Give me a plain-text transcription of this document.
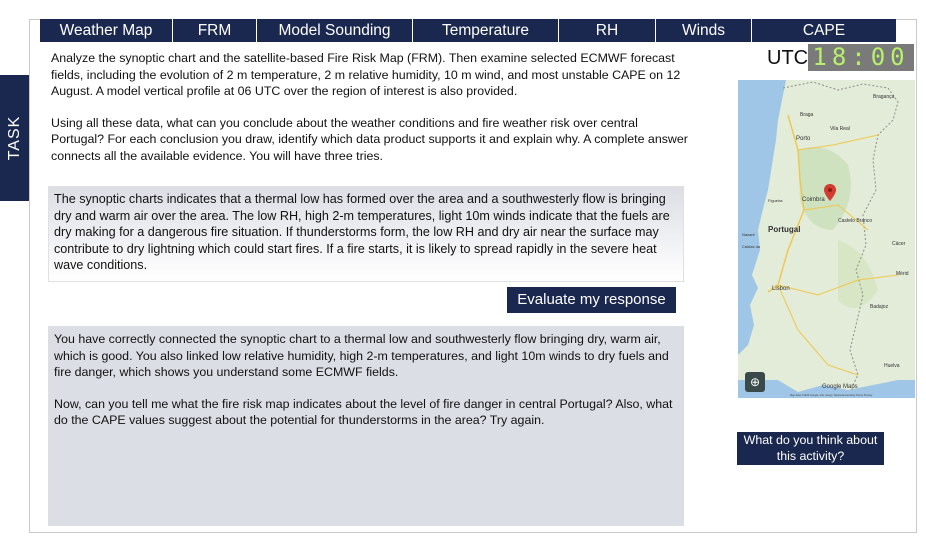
Weather Map	FRM	Model Sounding	Temperature	RH	Winds	CAPE
TASK

Analyze the synoptic chart and the satellite-based Fire Risk Map (FRM). Then examine selected ECMWF forecast fields, including the evolution of 2 m temperature, 2 m relative humidity, 10 m wind, and most unstable CAPE on 12 August. A model vertical profile at 06 UTC over the region of interest is also provided.

Using all these data, what can you conclude about the weather conditions and fire weather risk over central Portugal? For each conclusion you draw, identify which data product supports it and explain why. A complete answer connects all the available evidence. You will have three tries.

UTC 18:00
Braga
Porto
Vila Real
Bragança
Coimbra
Figueira
Castelo Branco
Portugal
Nazaré
Caldas da
Lisbon
Cácer
Badajoz
Mérid
Huelva
Google Maps
Map data ©2023 Google, Inst. Geogr. Nacional Germany Terms Privacy
⊕
The synoptic charts indicates that a thermal low has formed over the area and a southwesterly flow is bringing dry and warm air over the area. The low RH, high 2-m temperatures, light 10m winds indicate that the fuels are dry making for a dangerous fire situation. If thunderstorms form, the low RH and dry air near the surface may contribute to dry lightning which could start fires. If a fire starts, it is likely to spread rapidly in the severe heat wave conditions.
Evaluate my response

You have correctly connected the synoptic chart to a thermal low and southwesterly flow bringing dry, warm air, which is good. You also linked low relative humidity, high 2-m temperatures, and light 10m winds to dry fuels and fire danger, which shows you understand some ECMWF fields.

Now, can you tell me what the fire risk map indicates about the level of fire danger in central Portugal? Also, what do the CAPE values suggest about the potential for thunderstorms in the area? Try again.

What do you think about this activity?
